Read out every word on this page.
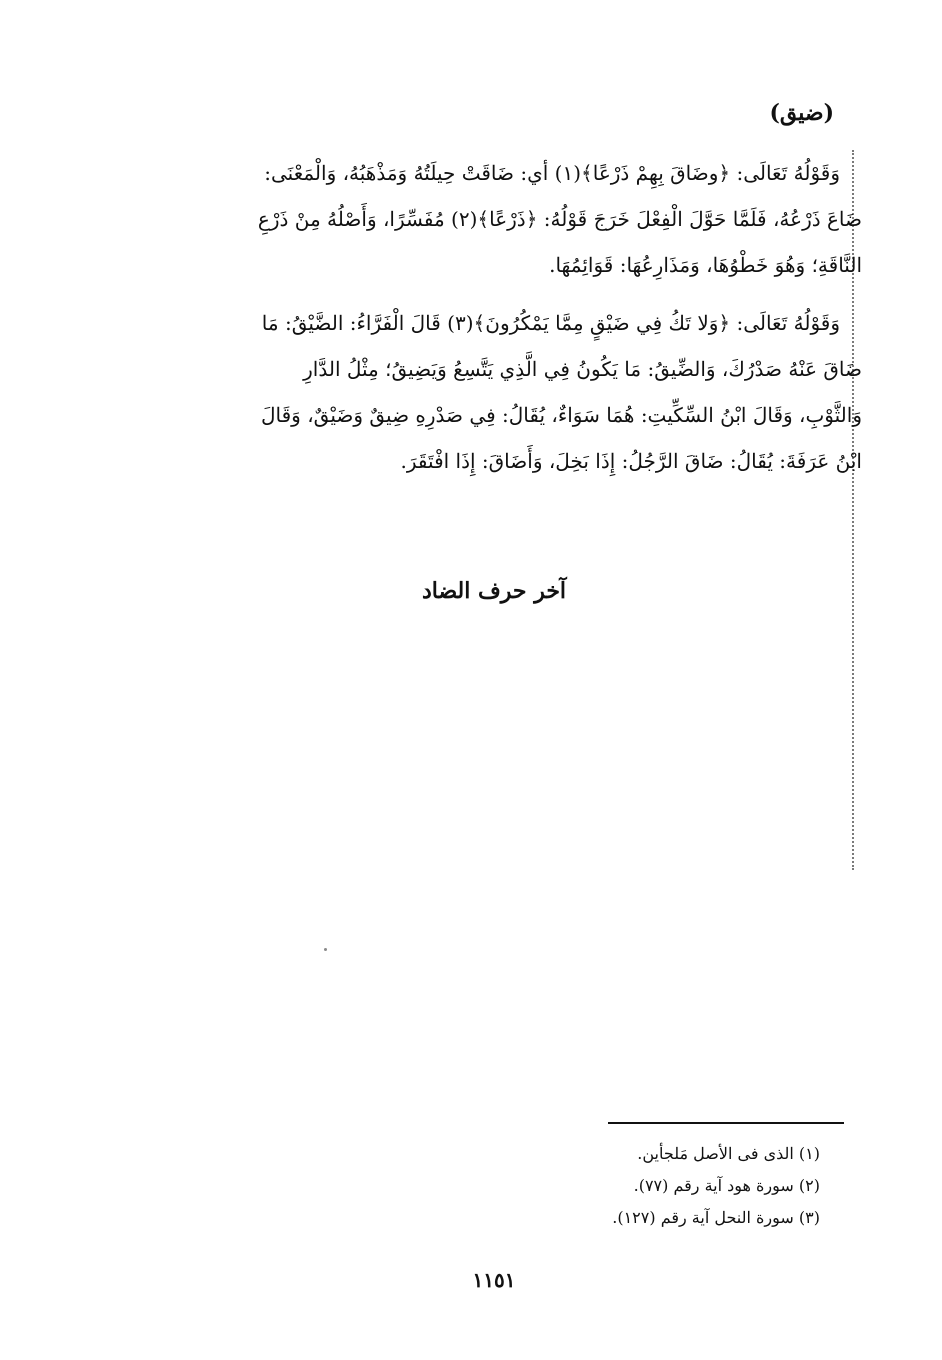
(ضيق)
وَقَوْلُهُ تَعَالَى: ﴿وضَاقَ بِهِمْ ذَرْعًا﴾(١) أي: ضَاقَتْ حِيلَتُهُ وَمَذْهَبُهُ، وَالْمَعْنَى:
ضَاعَ ذَرْعُهُ، فَلَمَّا حَوَّلَ الْفِعْلَ خَرَجَ قَوْلُهُ: ﴿ذَرْعًا﴾(٢) مُفَسِّرًا، وَأَصْلُهُ مِنْ ذَرْعِ
النَّاقَةِ؛ وَهُوَ خَطْوُهَا، وَمَذَارِعُهَا: قَوَائِمُهَا.
وَقَوْلُهُ تَعَالَى: ﴿وَلا تَكُ فِي ضَيْقٍ مِمَّا يَمْكُرُونَ﴾(٣) قَالَ الْفَرَّاءُ: الضَّيْقُ: مَا
ضَاقَ عَنْهُ صَدْرُكَ، وَالضِّيقُ: مَا يَكُونُ فِي الَّذِي يَتَّسِعُ وَيَضِيقُ؛ مِثْلُ الدَّارِ
وَالثَّوْبِ، وَقَالَ ابْنُ السِّكِّيتِ: هُمَا سَوَاءٌ، يُقَالُ: فِي صَدْرِهِ ضِيقٌ وَضَيْقٌ، وَقَالَ
ابْنُ عَرَفَةَ: يُقَالُ: ضَاقَ الرَّجُلُ: إِذَا بَخِلَ، وَأَضَاقَ: إِذَا افْتَقَرَ.
آخر حرف الضاد
(١) الذى فى الأصل مَلجأين.
(٢) سورة هود آية رقم (٧٧).
(٣) سورة النحل آية رقم (١٢٧).
١١٥١
